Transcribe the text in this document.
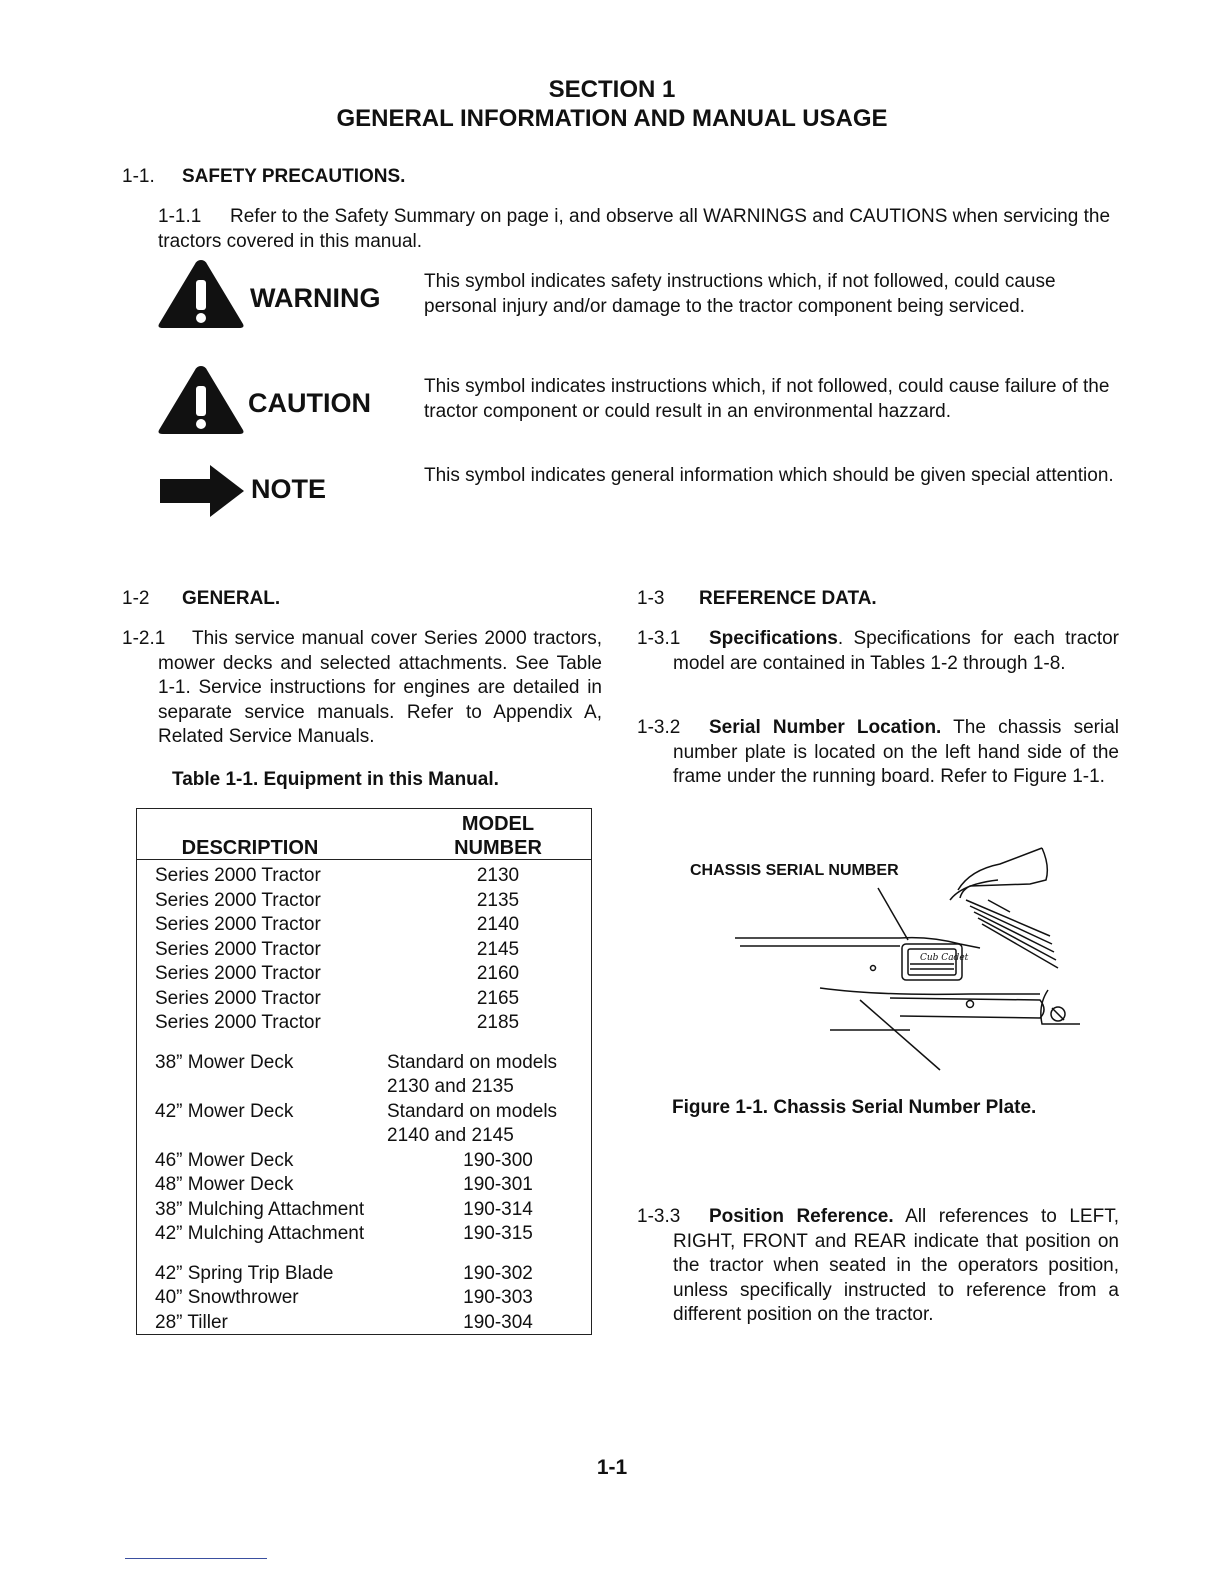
SECTION 1
GENERAL INFORMATION AND MANUAL USAGE
1-1. SAFETY PRECAUTIONS.
1-1.1 Refer to the Safety Summary on page i, and observe all WARNINGS and CAUTIONS when servicing the tractors covered in this manual.
WARNING
This symbol indicates safety instructions which, if not followed, could cause personal injury and/or damage to the tractor component being serviced.
CAUTION
This symbol indicates instructions which, if not followed, could cause failure of the tractor component or could result in an environmental hazzard.
NOTE	This symbol indicates general information which should be given special attention.
1-2 GENERAL.
1-2.1 This service manual cover Series 2000 tractors, mower decks and selected attachments. See Table 1-1. Service instructions for engines are detailed in separate service manuals. Refer to Appendix A, Related Service Manuals.
Table 1-1. Equipment in this Manual.
DESCRIPTION
MODEL
NUMBER
Series 2000 Tractor	2130
Series 2000 Tractor	2135
Series 2000 Tractor	2140
Series 2000 Tractor	2145
Series 2000 Tractor	2160
Series 2000 Tractor	2165
Series 2000 Tractor	2185
38” Mower Deck	Standard on models
2130 and 2135
42” Mower Deck	Standard on models
2140 and 2145
46” Mower Deck	190-300
48” Mower Deck	190-301
38” Mulching Attachment	190-314
42” Mulching Attachment	190-315
42” Spring Trip Blade	190-302
40” Snowthrower	190-303
28” Tiller	190-304
1-3 REFERENCE DATA.
1-3.1 Specifications. Specifications for each tractor model are contained in Tables 1-2 through 1-8.
1-3.2 Serial Number Location. The chassis serial number plate is located on the left hand side of the frame under the running board. Refer to Figure 1-1.
CHASSIS SERIAL NUMBER
Cub Cadet
Figure 1-1. Chassis Serial Number Plate.
1-3.3 Position Reference. All references to LEFT, RIGHT, FRONT and REAR indicate that position on the tractor when seated in the operators position, unless specifically instructed to reference from a different position on the tractor.
1-1
